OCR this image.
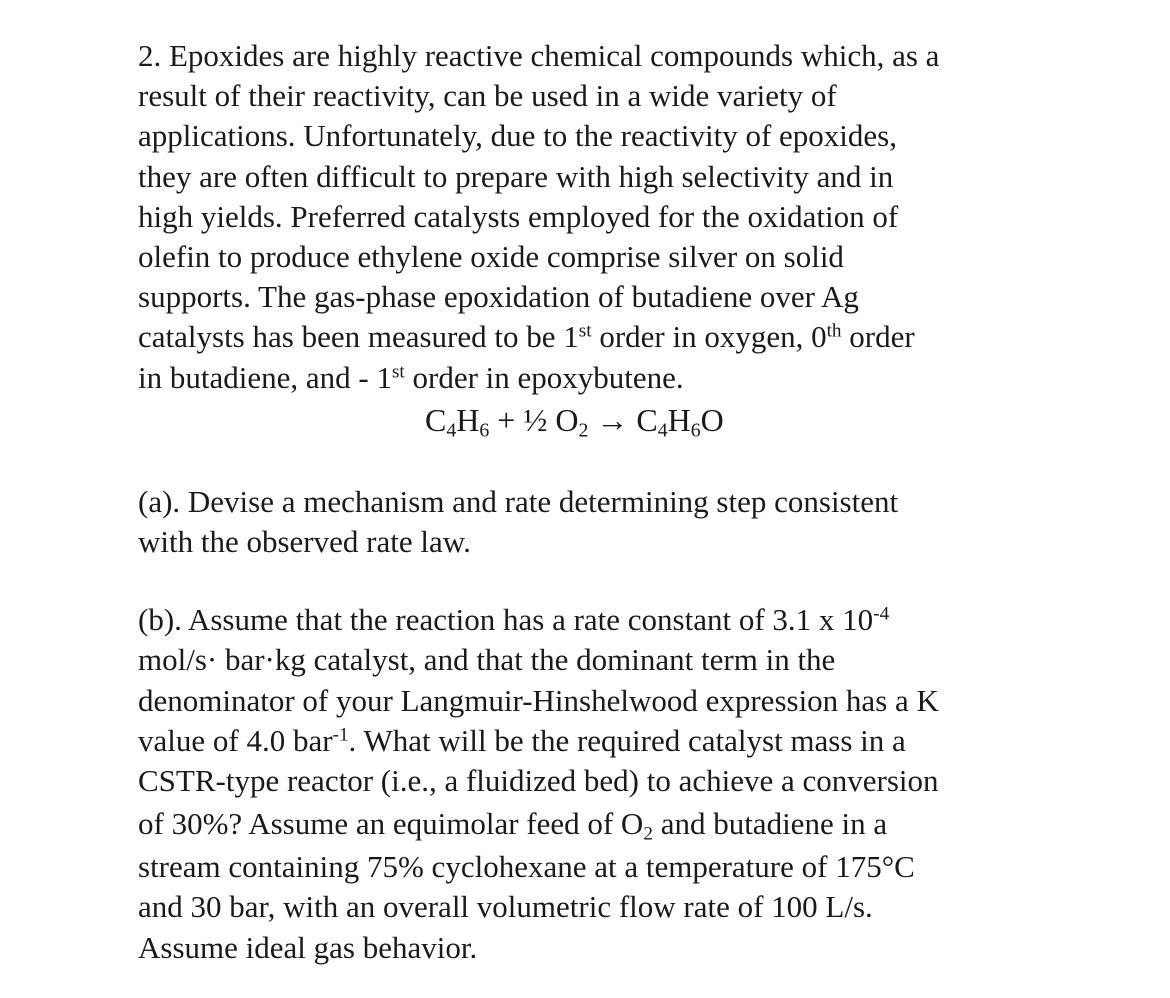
2. Epoxides are highly reactive chemical compounds which, as a
result of their reactivity, can be used in a wide variety of
applications. Unfortunately, due to the reactivity of epoxides,
they are often difficult to prepare with high selectivity and in
high yields. Preferred catalysts employed for the oxidation of
olefin to produce ethylene oxide comprise silver on solid
supports. The gas-phase epoxidation of butadiene over Ag
catalysts has been measured to be 1st order in oxygen, 0th order
in butadiene, and - 1st order in epoxybutene.
$C_4H_6$ + ½ $O_2 \to C_4H_6O$
(a). Devise a mechanism and rate determining step consistent
with the observed rate law.
(b). Assume that the reaction has a rate constant of 3.1 x $10^{-4}$
mol/s· bar·kg catalyst, and that the dominant term in the
denominator of your Langmuir-Hinshelwood expression has a K
value of 4.0 bar$^{-1}$. What will be the required catalyst mass in a
CSTR-type reactor (i.e., a fluidized bed) to achieve a conversion
of 30%? Assume an equimolar feed of $O_2$ and butadiene in a
stream containing 75% cyclohexane at a temperature of 175°C
and 30 bar, with an overall volumetric flow rate of 100 L/s.
Assume ideal gas behavior.
